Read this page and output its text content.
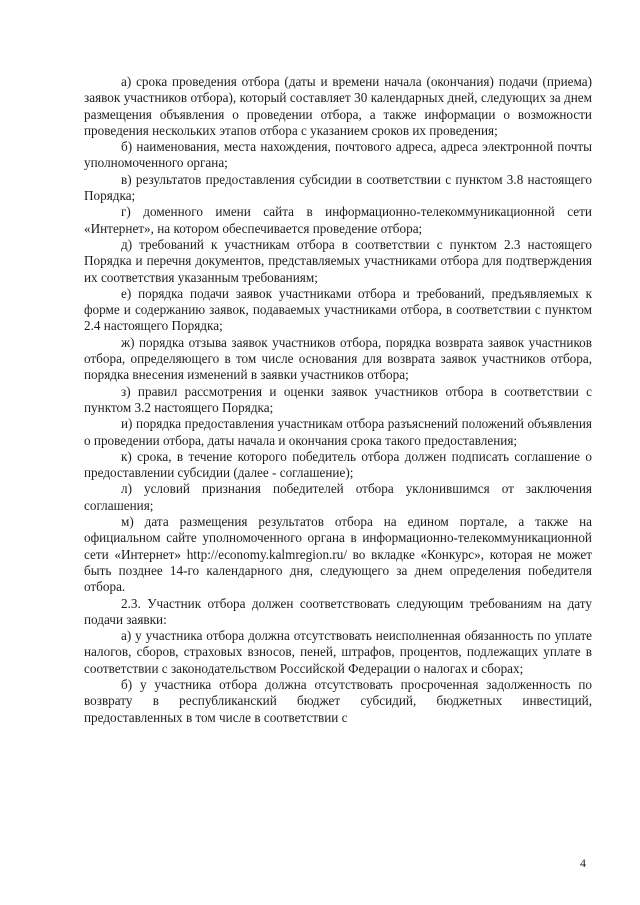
а) срока проведения отбора (даты и времени начала (окончания) подачи (приема) заявок участников отбора), который составляет 30 календарных дней, следующих за днем размещения объявления о проведении отбора, а также информации о возможности проведения нескольких этапов отбора с указанием сроков их проведения;

б) наименования, места нахождения, почтового адреса, адреса электронной почты уполномоченного органа;

в) результатов предоставления субсидии в соответствии с пунктом 3.8 настоящего Порядка;

г) доменного имени сайта в информационно-телекоммуникационной сети «Интернет», на котором обеспечивается проведение отбора;

д) требований к участникам отбора в соответствии с пунктом 2.3 настоящего Порядка и перечня документов, представляемых участниками отбора для подтверждения их соответствия указанным требованиям;

е) порядка подачи заявок участниками отбора и требований, предъявляемых к форме и содержанию заявок, подаваемых участниками отбора, в соответствии с пунктом 2.4 настоящего Порядка;

ж) порядка отзыва заявок участников отбора, порядка возврата заявок участников отбора, определяющего в том числе основания для возврата заявок участников отбора, порядка внесения изменений в заявки участников отбора;

з) правил рассмотрения и оценки заявок участников отбора в соответствии с пунктом 3.2 настоящего Порядка;

и) порядка предоставления участникам отбора разъяснений положений объявления о проведении отбора, даты начала и окончания срока такого предоставления;

к) срока, в течение которого победитель отбора должен подписать соглашение о предоставлении субсидии (далее - соглашение);

л) условий признания победителей отбора уклонившимся от заключения соглашения;

м) дата размещения результатов отбора на едином портале, а также на официальном сайте уполномоченного органа в информационно-телекоммуникационной сети «Интернет» http://economy.kalmregion.ru/ во вкладке «Конкурс», которая не может быть позднее 14-го календарного дня, следующего за днем определения победителя отбора.

2.3. Участник отбора должен соответствовать следующим требованиям на дату подачи заявки:

а) у участника отбора должна отсутствовать неисполненная обязанность по уплате налогов, сборов, страховых взносов, пеней, штрафов, процентов, подлежащих уплате в соответствии с законодательством Российской Федерации о налогах и сборах;

б) у участника отбора должна отсутствовать просроченная задолженность по возврату в республиканский бюджет субсидий, бюджетных инвестиций, предоставленных в том числе в соответствии с

4
